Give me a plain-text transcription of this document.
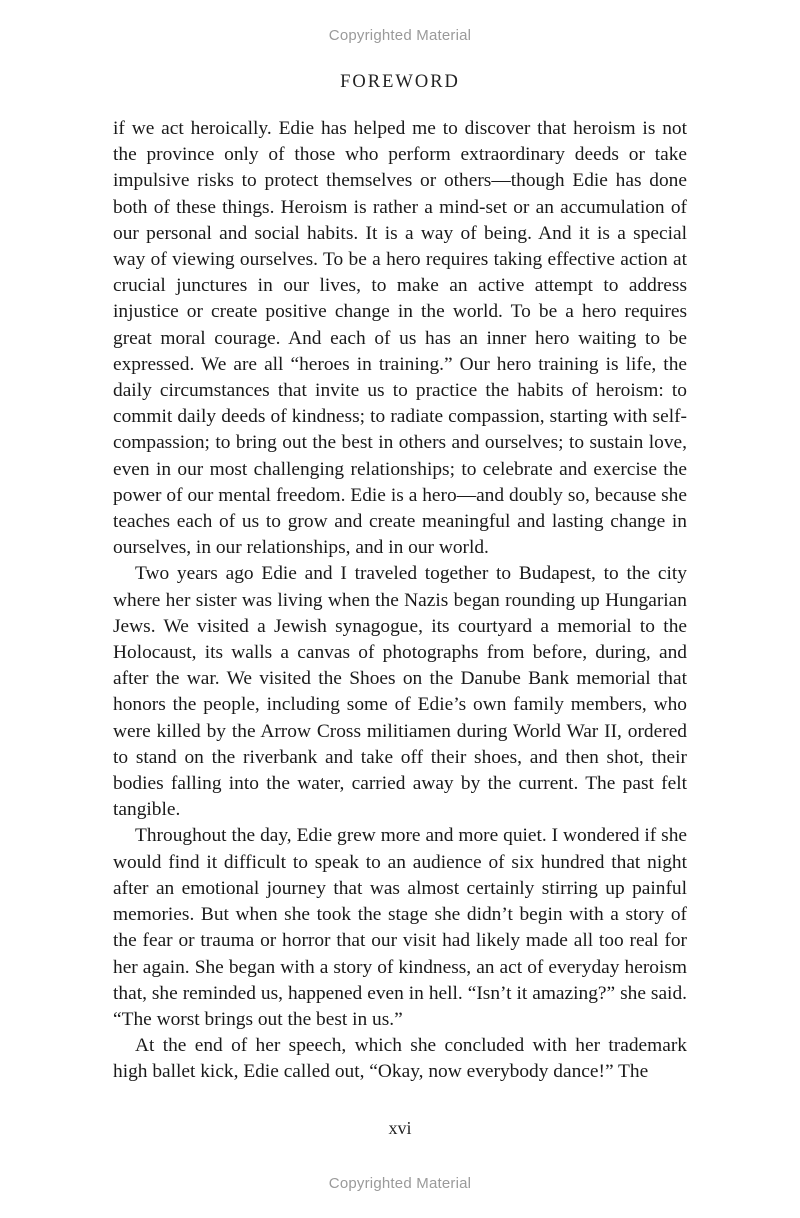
Copyrighted Material
FOREWORD

if we act heroically. Edie has helped me to discover that heroism is not the province only of those who perform extraordinary deeds or take impulsive risks to protect themselves or others—though Edie has done both of these things. Heroism is rather a mind-set or an accumulation of our personal and social habits. It is a way of being. And it is a special way of viewing ourselves. To be a hero requires taking effective action at crucial junctures in our lives, to make an active attempt to address injustice or create positive change in the world. To be a hero requires great moral courage. And each of us has an inner hero waiting to be expressed. We are all “heroes in training.” Our hero training is life, the daily circumstances that invite us to practice the habits of heroism: to commit daily deeds of kindness; to radiate compassion, starting with self-compassion; to bring out the best in others and ourselves; to sustain love, even in our most challenging relationships; to celebrate and exercise the power of our mental freedom. Edie is a hero—and doubly so, because she teaches each of us to grow and create meaningful and lasting change in ourselves, in our relationships, and in our world.

Two years ago Edie and I traveled together to Budapest, to the city where her sister was living when the Nazis began rounding up Hungarian Jews. We visited a Jewish synagogue, its courtyard a memorial to the Holocaust, its walls a canvas of photographs from before, during, and after the war. We visited the Shoes on the Danube Bank memorial that honors the people, including some of Edie’s own family members, who were killed by the Arrow Cross militiamen during World War II, ordered to stand on the riverbank and take off their shoes, and then shot, their bodies falling into the water, carried away by the current. The past felt tangible.

Throughout the day, Edie grew more and more quiet. I wondered if she would find it difficult to speak to an audience of six hundred that night after an emotional journey that was almost certainly stirring up painful memories. But when she took the stage she didn’t begin with a story of the fear or trauma or horror that our visit had likely made all too real for her again. She began with a story of kindness, an act of everyday heroism that, she reminded us, happened even in hell. “Isn’t it amazing?” she said. “The worst brings out the best in us.”

At the end of her speech, which she concluded with her trademark high ballet kick, Edie called out, “Okay, now everybody dance!” The

xvi
Copyrighted Material
